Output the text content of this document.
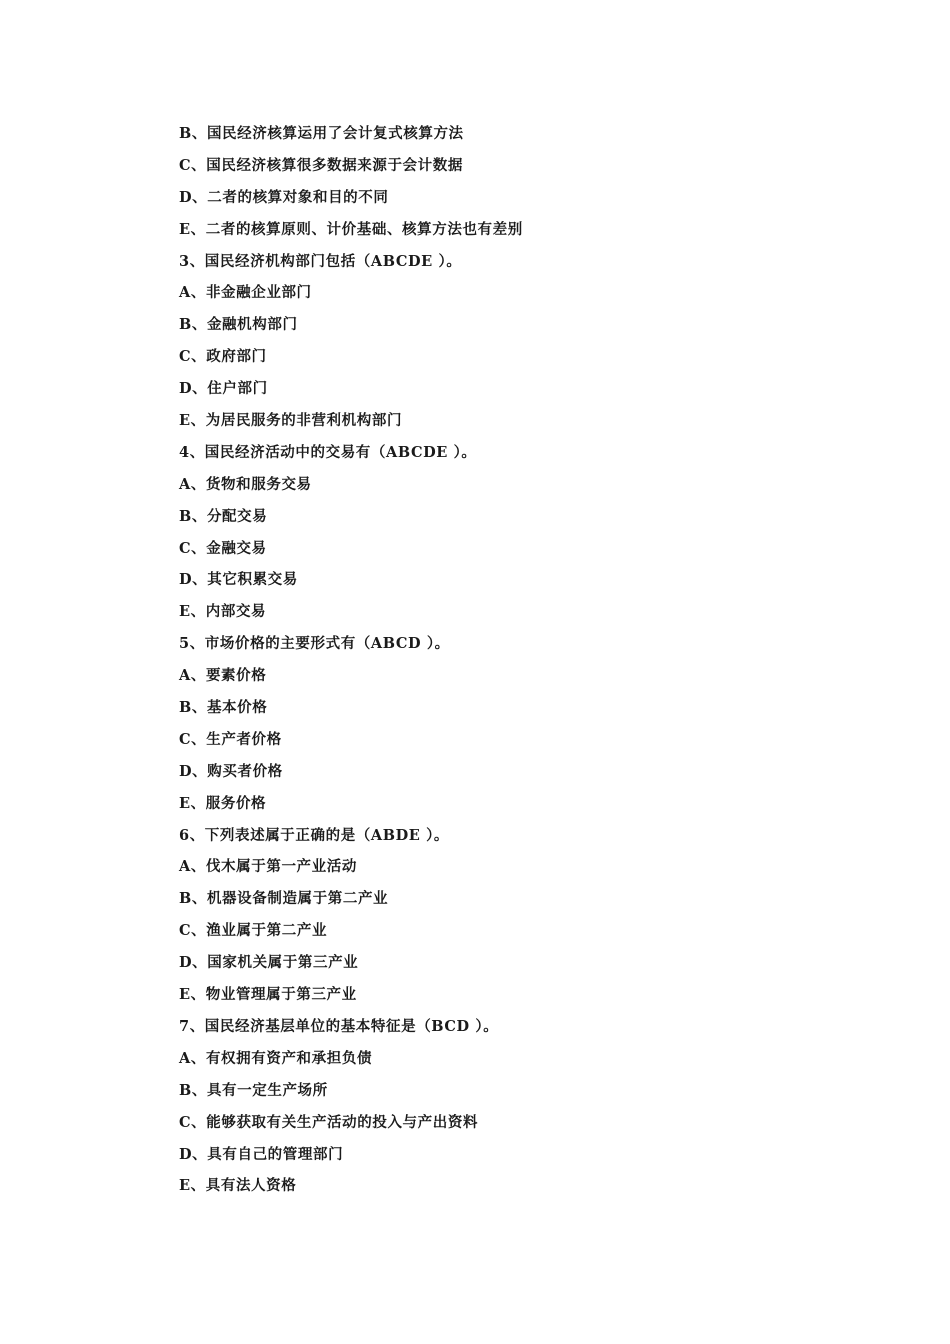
B、国民经济核算运用了会计复式核算方法
C、国民经济核算很多数据来源于会计数据
D、二者的核算对象和目的不同
E、二者的核算原则、计价基础、核算方法也有差别
3、国民经济机构部门包括（ABCDE ）。
A、非金融企业部门
B、金融机构部门
C、政府部门
D、住户部门
E、为居民服务的非营利机构部门
4、国民经济活动中的交易有（ABCDE ）。
A、货物和服务交易
B、分配交易
C、金融交易
D、其它积累交易
E、内部交易
5、市场价格的主要形式有（ABCD ）。
A、要素价格
B、基本价格
C、生产者价格
D、购买者价格
E、服务价格
6、下列表述属于正确的是（ABDE ）。
A、伐木属于第一产业活动
B、机器设备制造属于第二产业
C、渔业属于第二产业
D、国家机关属于第三产业
E、物业管理属于第三产业
7、国民经济基层单位的基本特征是（BCD ）。
A、有权拥有资产和承担负债
B、具有一定生产场所
C、能够获取有关生产活动的投入与产出资料
D、具有自己的管理部门
E、具有法人资格
